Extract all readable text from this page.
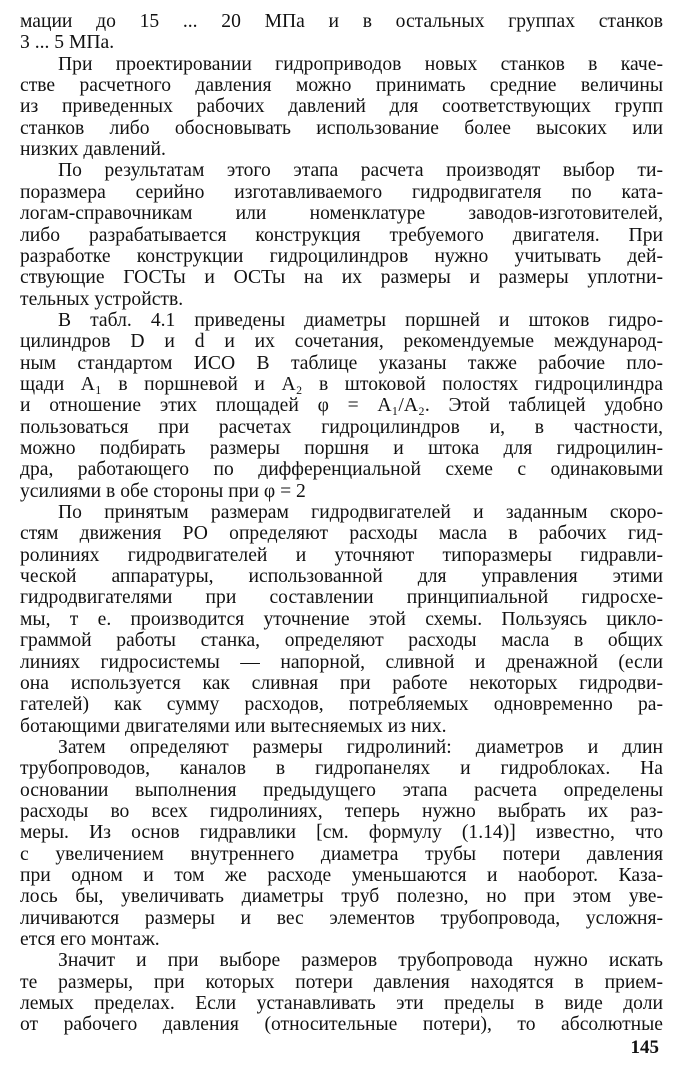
мации до 15 ... 20 МПа и в остальных группах станков
3 ... 5 МПа.
При проектировании гидроприводов новых станков в каче-
стве расчетного давления можно принимать средние величины
из приведенных рабочих давлений для соответствующих групп
станков либо обосновывать использование более высоких или
низких давлений.
По результатам этого этапа расчета производят выбор ти-
поразмера серийно изготавливаемого гидродвигателя по ката-
логам-справочникам или номенклатуре заводов-изготовителей,
либо разрабатывается конструкция требуемого двигателя. При
разработке конструкции гидроцилиндров нужно учитывать дей-
ствующие ГОСТы и ОСТы на их размеры и размеры уплотни-
тельных устройств.
В табл. 4.1 приведены диаметры поршней и штоков гидро-
цилиндров D и d и их сочетания, рекомендуемые международ-
ным стандартом ИСО В таблице указаны также рабочие пло-
щади A₁ в поршневой и A₂ в штоковой полостях гидроцилиндра
и отношение этих площадей φ = A₁/A₂. Этой таблицей удобно
пользоваться при расчетах гидроцилиндров и, в частности,
можно подбирать размеры поршня и штока для гидроцилин-
дра, работающего по дифференциальной схеме с одинаковыми
усилиями в обе стороны при φ = 2
По принятым размерам гидродвигателей и заданным скоро-
стям движения РО определяют расходы масла в рабочих гид-
ролиниях гидродвигателей и уточняют типоразмеры гидравли-
ческой аппаратуры, использованной для управления этими
гидродвигателями при составлении принципиальной гидросхе-
мы, т е. производится уточнение этой схемы. Пользуясь цикло-
граммой работы станка, определяют расходы масла в общих
линиях гидросистемы — напорной, сливной и дренажной (если
она используется как сливная при работе некоторых гидродви-
гателей) как сумму расходов, потребляемых одновременно ра-
ботающими двигателями или вытесняемых из них.
Затем определяют размеры гидролиний: диаметров и длин
трубопроводов, каналов в гидропанелях и гидроблоках. На
основании выполнения предыдущего этапа расчета определены
расходы во всех гидролиниях, теперь нужно выбрать их раз-
меры. Из основ гидравлики [см. формулу (1.14)] известно, что
с увеличением внутреннего диаметра трубы потери давления
при одном и том же расходе уменьшаются и наоборот. Каза-
лось бы, увеличивать диаметры труб полезно, но при этом уве-
личиваются размеры и вес элементов трубопровода, усложня-
ется его монтаж.
Значит и при выборе размеров трубопровода нужно искать
те размеры, при которых потери давления находятся в прием-
лемых пределах. Если устанавливать эти пределы в виде доли
от рабочего давления (относительные потери), то абсолютные
145
